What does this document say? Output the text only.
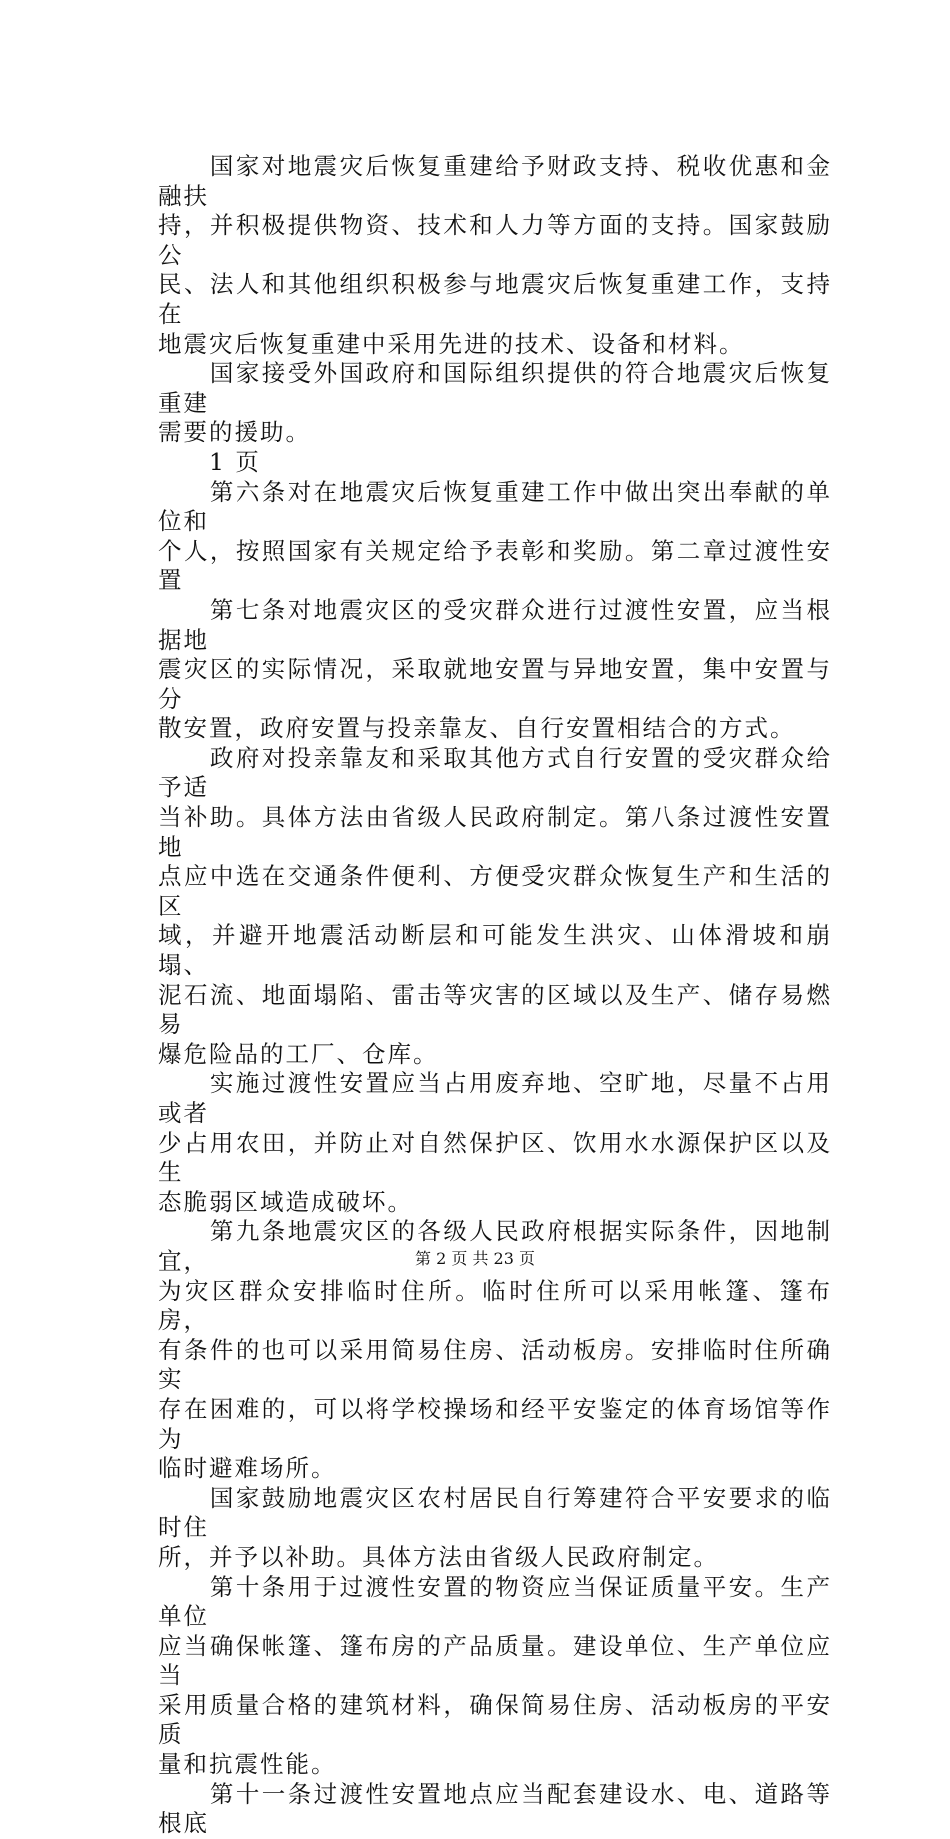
　　国家对地震灾后恢复重建给予财政支持、税收优惠和金融扶
持，并积极提供物资、技术和人力等方面的支持。国家鼓励公
民、法人和其他组织积极参与地震灾后恢复重建工作，支持在
地震灾后恢复重建中采用先进的技术、设备和材料。

　　国家接受外国政府和国际组织提供的符合地震灾后恢复重建
需要的援助。

　　1 页

　　第六条对在地震灾后恢复重建工作中做出突出奉献的单位和
个人，按照国家有关规定给予表彰和奖励。第二章过渡性安置

　　第七条对地震灾区的受灾群众进行过渡性安置，应当根据地
震灾区的实际情况，采取就地安置与异地安置，集中安置与分
散安置，政府安置与投亲靠友、自行安置相结合的方式。

　　政府对投亲靠友和采取其他方式自行安置的受灾群众给予适
当补助。具体方法由省级人民政府制定。第八条过渡性安置地
点应中选在交通条件便利、方便受灾群众恢复生产和生活的区
域，并避开地震活动断层和可能发生洪灾、山体滑坡和崩塌、
泥石流、地面塌陷、雷击等灾害的区域以及生产、储存易燃易
爆危险品的工厂、仓库。

　　实施过渡性安置应当占用废弃地、空旷地，尽量不占用或者
少占用农田，并防止对自然保护区、饮用水水源保护区以及生
态脆弱区域造成破坏。

　　第九条地震灾区的各级人民政府根据实际条件，因地制宜，
为灾区群众安排临时住所。临时住所可以采用帐篷、篷布房，
有条件的也可以采用简易住房、活动板房。安排临时住所确实
存在困难的，可以将学校操场和经平安鉴定的体育场馆等作为
临时避难场所。

　　国家鼓励地震灾区农村居民自行筹建符合平安要求的临时住
所，并予以补助。具体方法由省级人民政府制定。

　　第十条用于过渡性安置的物资应当保证质量平安。生产单位
应当确保帐篷、篷布房的产品质量。建设单位、生产单位应当
采用质量合格的建筑材料，确保简易住房、活动板房的平安质
量和抗震性能。

　　第十一条过渡性安置地点应当配套建设水、电、道路等根底

第 2 页 共 23 页
